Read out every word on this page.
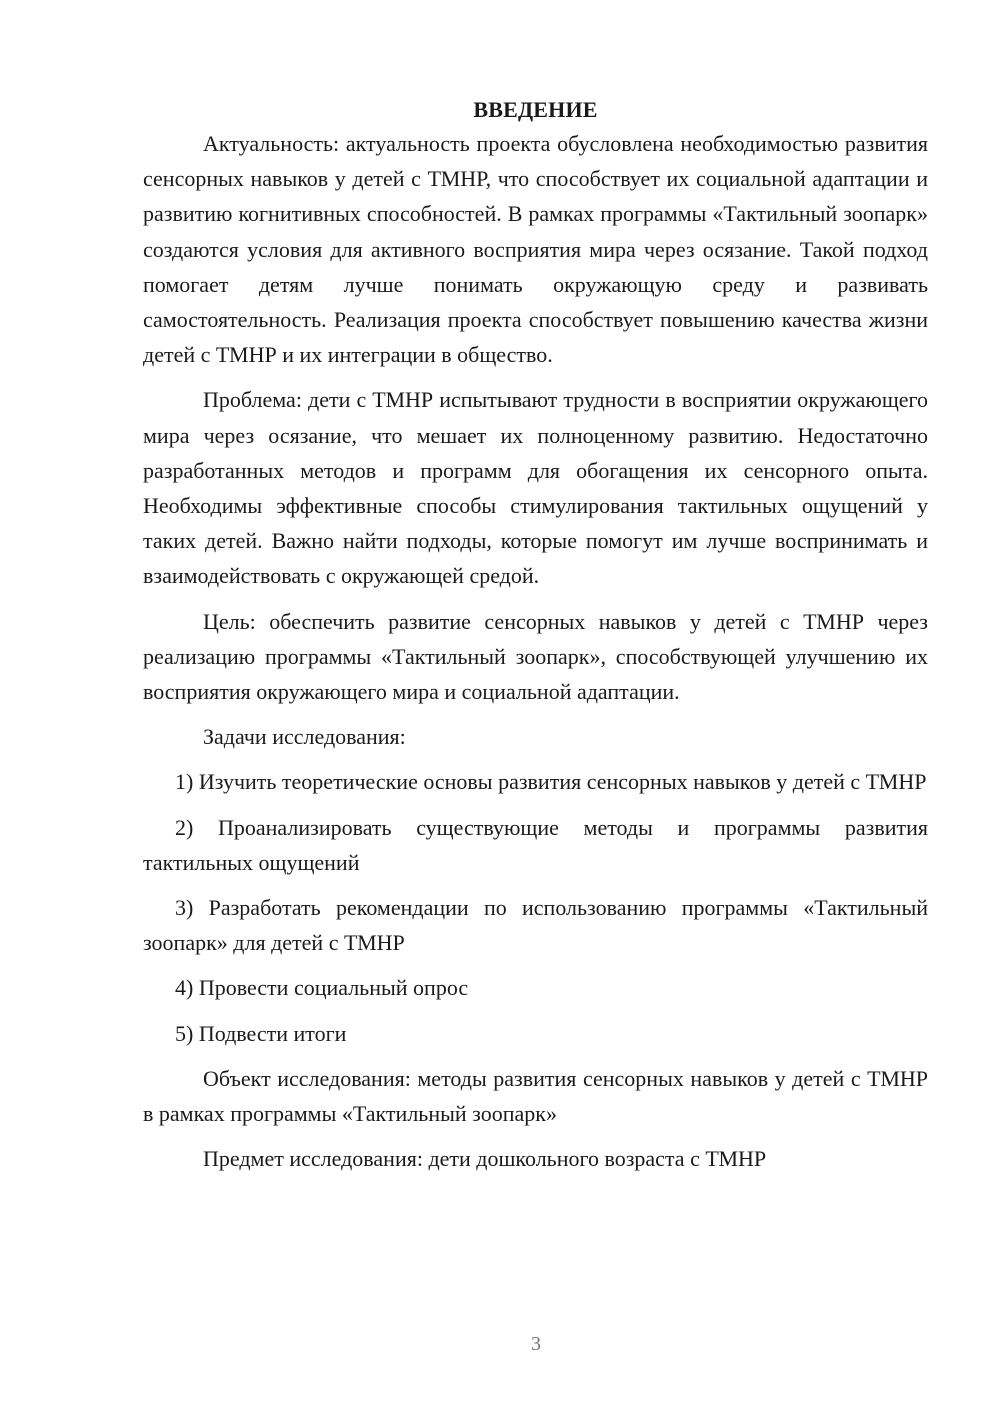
ВВЕДЕНИЕ

Актуальность: актуальность проекта обусловлена необходимостью развития сенсорных навыков у детей с ТМНР, что способствует их социальной адаптации и развитию когнитивных способностей. В рамках программы «Тактильный зоопарк» создаются условия для активного восприятия мира через осязание. Такой подход помогает детям лучше понимать окружающую среду и развивать самостоятельность. Реализация проекта способствует повышению качества жизни детей с ТМНР и их интеграции в общество.

Проблема: дети с ТМНР испытывают трудности в восприятии окружающего мира через осязание, что мешает их полноценному развитию. Недостаточно разработанных методов и программ для обогащения их сенсорного опыта. Необходимы эффективные способы стимулирования тактильных ощущений у таких детей. Важно найти подходы, которые помогут им лучше воспринимать и взаимодействовать с окружающей средой.

Цель: обеспечить развитие сенсорных навыков у детей с ТМНР через реализацию программы «Тактильный зоопарк», способствующей улучшению их восприятия окружающего мира и социальной адаптации.

Задачи исследования:

1) Изучить теоретические основы развития сенсорных навыков у детей с ТМНР

2) Проанализировать существующие методы и программы развития тактильных ощущений

3) Разработать рекомендации по использованию программы «Тактильный зоопарк» для детей с ТМНР

4) Провести социальный опрос

5) Подвести итоги

Объект исследования: методы развития сенсорных навыков у детей с ТМНР в рамках программы «Тактильный зоопарк»

Предмет исследования: дети дошкольного возраста с ТМНР

3
